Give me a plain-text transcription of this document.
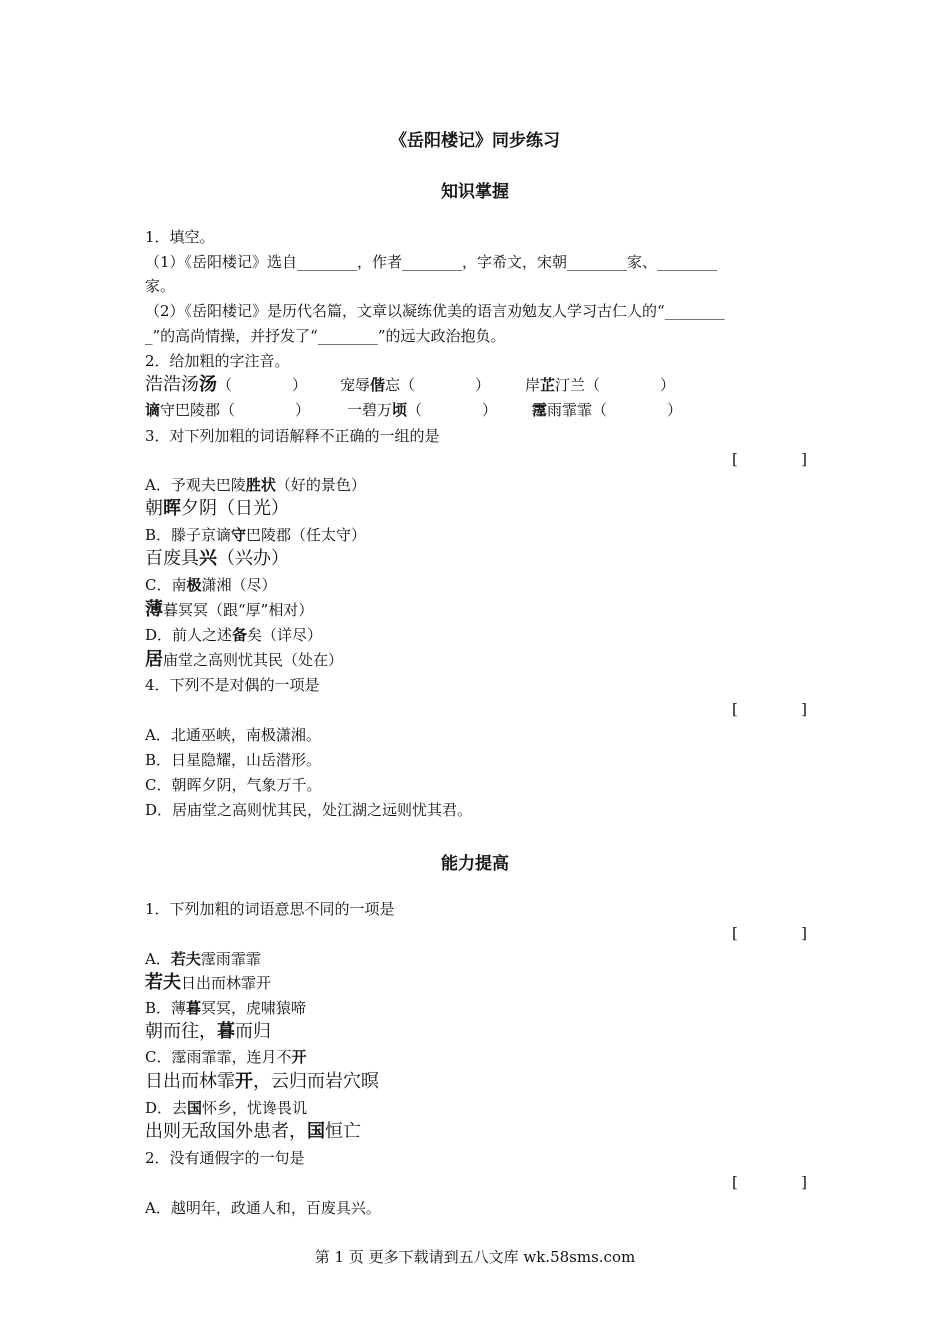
《岳阳楼记》同步练习
知识掌握
1．填空。
（1）《岳阳楼记》选自________，作者________，字希文，宋朝________家、________
家。
（2）《岳阳楼记》是历代名篇，文章以凝练优美的语言劝勉友人学习古仁人的“________
_”的高尚情操，并抒发了“________”的远大政治抱负。
2．给加粗的字注音。
浩浩汤汤（　　　　） 宠辱偕忘（　　　　） 岸芷汀兰（　　　　）
谪守巴陵郡（　　　　） 一碧万顷（　　　　） 霪雨霏霏（　　　　）
3．对下列加粗的词语解释不正确的一组的是
[	]
A．予观夫巴陵胜状（好的景色）
朝晖夕阴（日光）
B．滕子京谪守巴陵郡（任太守）
百废具兴（兴办）
C．南极潇湘（尽）
薄暮冥冥（跟“厚”相对）
D．前人之述备矣（详尽）
居庙堂之高则忧其民（处在）
4．下列不是对偶的一项是
[	]
A．北通巫峡，南极潇湘。
B．日星隐耀，山岳潜形。
C．朝晖夕阴，气象万千。
D．居庙堂之高则忧其民，处江湖之远则忧其君。
能力提高
1．下列加粗的词语意思不同的一项是
[	]
A．若夫霪雨霏霏
若夫日出而林霏开
B．薄暮冥冥，虎啸猿啼
朝而往，暮而归
C．霪雨霏霏，连月不开
日出而林霏开，云归而岩穴暝
D．去国怀乡，忧谗畏讥
出则无敌国外患者，国恒亡
2．没有通假字的一句是
[	]
A．越明年，政通人和，百废具兴。
第 1 页 更多下载请到五八文库 wk.58sms.com
